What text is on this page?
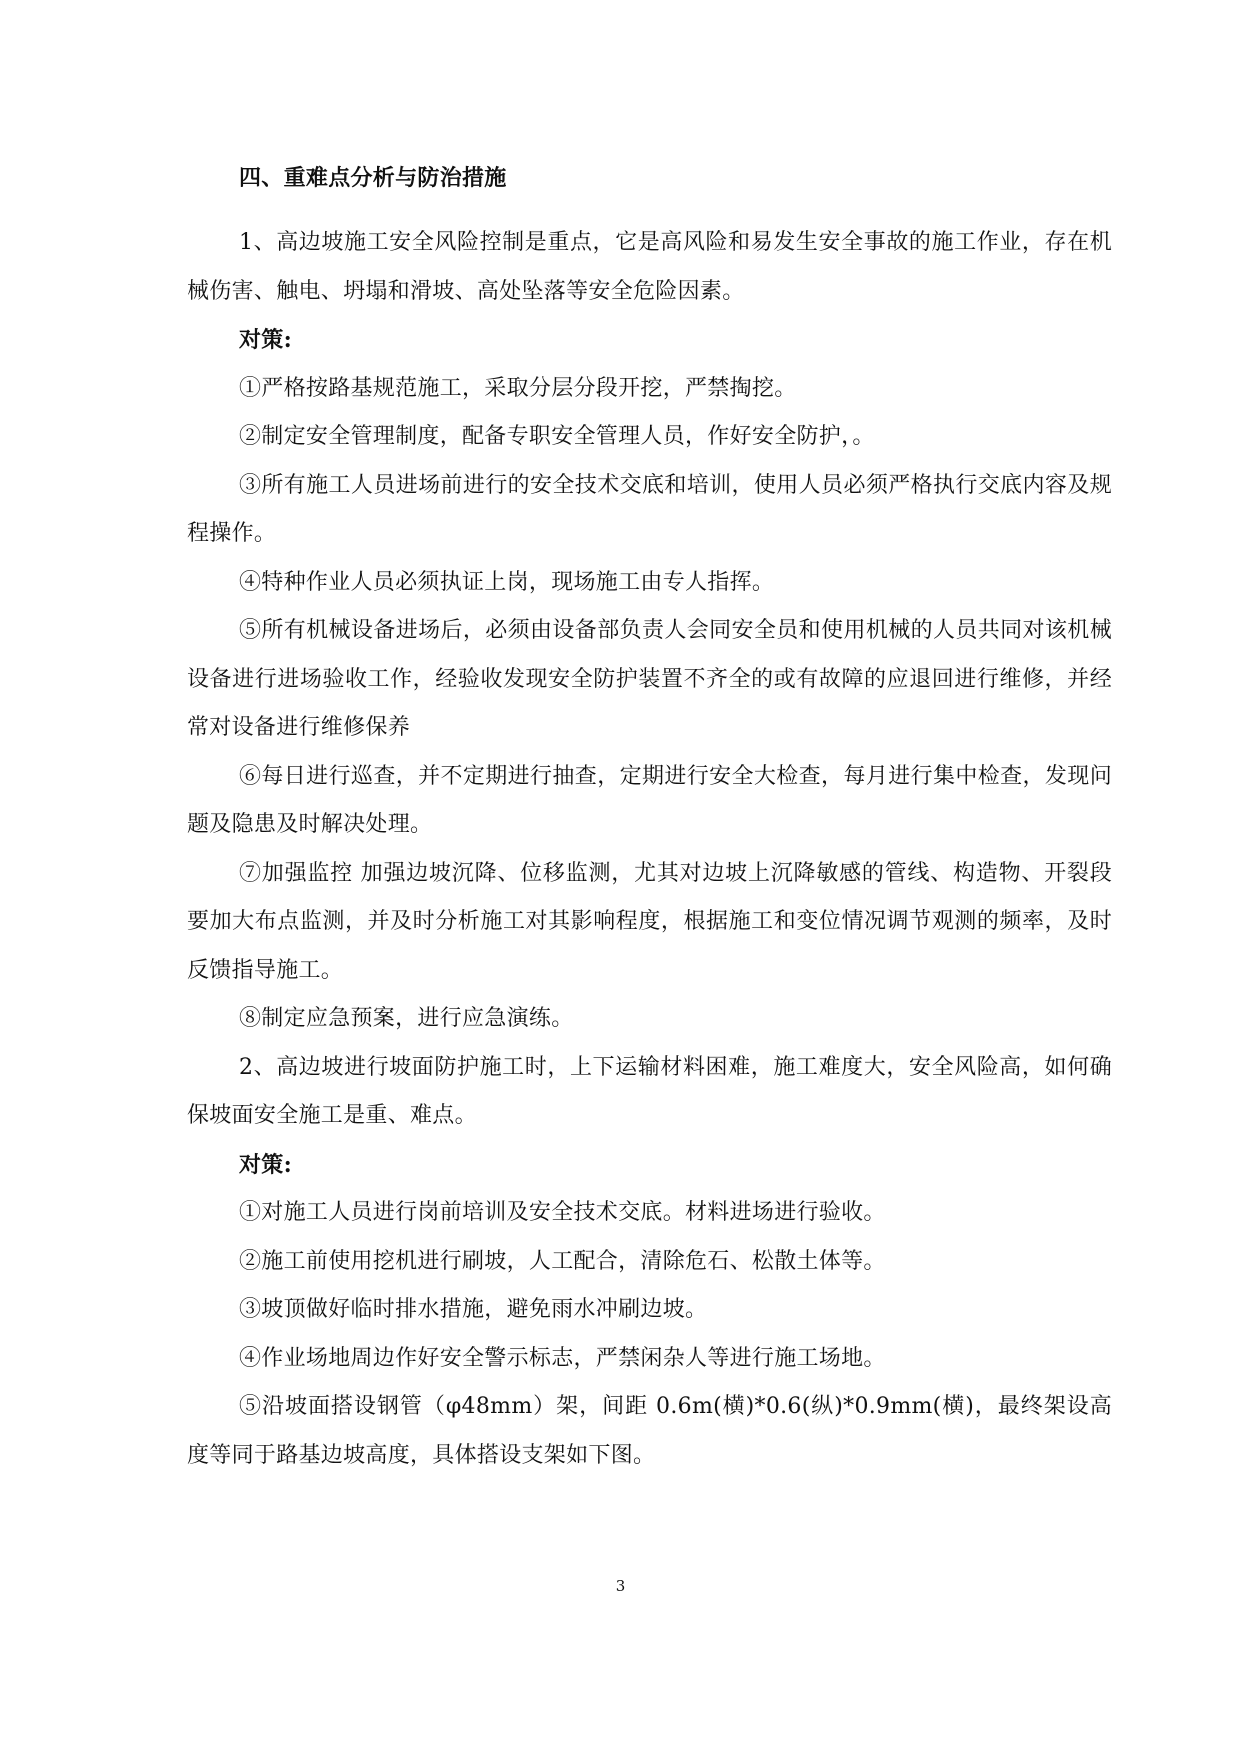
四、重难点分析与防治措施

1、高边坡施工安全风险控制是重点，它是高风险和易发生安全事故的施工作业，存在机械伤害、触电、坍塌和滑坡、高处坠落等安全危险因素。

对策:

①严格按路基规范施工，采取分层分段开挖，严禁掏挖。

②制定安全管理制度，配备专职安全管理人员，作好安全防护，。

③所有施工人员进场前进行的安全技术交底和培训，使用人员必须严格执行交底内容及规程操作。

④特种作业人员必须执证上岗，现场施工由专人指挥。

⑤所有机械设备进场后，必须由设备部负责人会同安全员和使用机械的人员共同对该机械设备进行进场验收工作，经验收发现安全防护装置不齐全的或有故障的应退回进行维修，并经常对设备进行维修保养

⑥每日进行巡查，并不定期进行抽查，定期进行安全大检查，每月进行集中检查，发现问题及隐患及时解决处理。

⑦加强监控 加强边坡沉降、位移监测，尤其对边坡上沉降敏感的管线、构造物、开裂段要加大布点监测，并及时分析施工对其影响程度，根据施工和变位情况调节观测的频率，及时反馈指导施工。

⑧制定应急预案，进行应急演练。

2、高边坡进行坡面防护施工时，上下运输材料困难，施工难度大，安全风险高，如何确保坡面安全施工是重、难点。

对策:

①对施工人员进行岗前培训及安全技术交底。材料进场进行验收。

②施工前使用挖机进行刷坡，人工配合，清除危石、松散土体等。

③坡顶做好临时排水措施，避免雨水冲刷边坡。

④作业场地周边作好安全警示标志，严禁闲杂人等进行施工场地。

⑤沿坡面搭设钢管（φ48mm）架，间距 0.6m(横)*0.6(纵)*0.9mm(横)，最终架设高度等同于路基边坡高度，具体搭设支架如下图。

3
